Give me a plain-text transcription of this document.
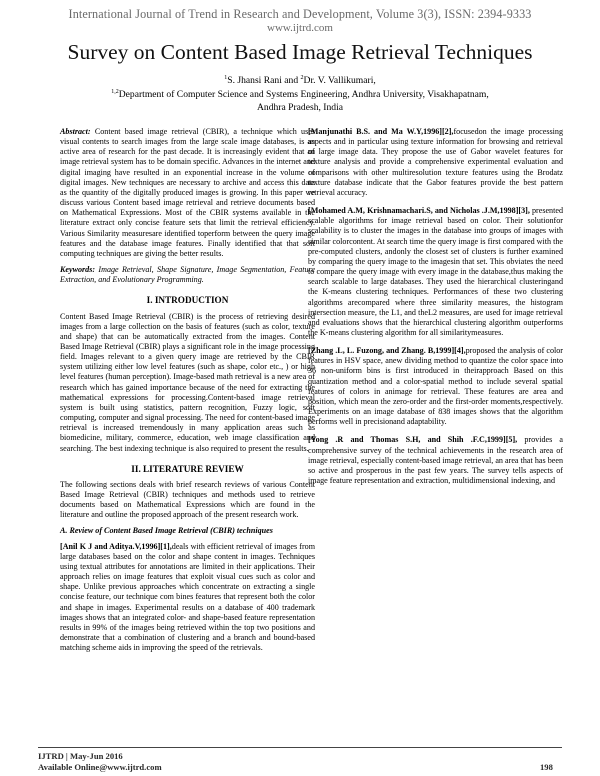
International Journal of Trend in Research and Development, Volume 3(3), ISSN: 2394-9333
www.ijtrd.com
Survey on Content Based Image Retrieval Techniques
$^1$S. Jhansi Rani and $^2$Dr. V. Vallikumari,
$^{1,2}$Department of Computer Science and Systems Engineering, Andhra University, Visakhapatnam,
Andhra Pradesh, India

Abstract: Content based image retrieval (CBIR), a technique which uses visual contents to search images from the large scale image databases, is an active area of research for the past decade. It is increasingly evident that an image retrieval system has to be domain specific. Advances in the internet and digital imaging have resulted in an exponential increase in the volume of digital images. New techniques are necessary to archive and access this data as the quantity of the digitally produced images is growing. In this paper we discuss various Content based image retrieval and retrieve documents based on Mathematical Expressions. Most of the CBIR systems available in the literature extract only concise feature sets that limit the retrieval efficiency. Various Similarity measuresare identified toperform between the query image features and the database image features. Finally identified that that soft computing techniques are giving the better results.

Keywords: Image Retrieval, Shape Signature, Image Segmentation, Feature Extraction, and Evolutionary Programming.

I. INTRODUCTION

Content Based Image Retrieval (CBIR) is the process of retrieving desired images from a large collection on the basis of features (such as color, texture and shape) that can be automatically extracted from the images. Content Based Image Retrieval (CBIR) plays a significant role in the image processing field. Images relevant to a given query image are retrieved by the CBIR system utilizing either low level features (such as shape, color etc., ) or high level features (human perception). Image-based math retrieval is a new area of research which has gained importance because of the need for extracting the mathematical expressions for processing.Content-based image retrieval system is built using statistics, pattern recognition, Fuzzy logic, soft computing, computer and signal processing. The need for content-based image retrieval is increased tremendously in many application areas such as biomedicine, military, commerce, education, web image classification and searching. The best indexing technique is also required to present the results.

II. LITERATURE REVIEW

The following sections deals with brief research reviews of various Content Based Image Retrieval (CBIR) techniques and methods used to retrieve documents based on Mathematical Expressions which are found in the literature and outline the proposed approach of the present research work.

A. Review of Content Based Image Retrieval (CBIR) techniques

[Anil K J and Aditya.V,1996][1],deals with efficient retrieval of images from large databases based on the color and shape content in images. Techniques using textual attributes for annotations are limited in their applications. Their approach relies on image features that exploit visual cues such as color and shape. Unlike previous approaches which concentrate on extracting a single concise feature, our technique com bines features that represent both the color and shape in images. Experimental results on a database of 400 trademark images shows that an integrated color- and shape-based feature representation results in 99% of the images being retrieved within the top two positions and demonstrate that a combination of clustering and a branch and bound-based matching scheme aids in improving the speed of the retrievals.

[Manjunathi B.S. and Ma W.Y,1996][2],focusedon the image processing aspects and in particular using texture information for browsing and retrieval of large image data. They propose the use of Gabor wavelet features for texture analysis and provide a comprehensive experimental evaluation and comparisons with other multiresolution texture features using the Brodatz texture database indicate that the Gabor features provide the best pattern retrieval accuracy.

[Mohamed A.M, Krishnamachari.S, and Nicholas .J.M,1998][3], presented scalable algorithms for image retrieval based on color. Their solutionfor scalability is to cluster the images in the database into groups of images with similar colorcontent. At search time the query image is first compared with the pre-computed clusters, andonly the closest set of clusters is further examined by comparing the query image to the imagesin that set. This obviates the need to compare the query image with every image in the database,thus making the search scalable to large databases. They used the hierarchical clusteringand the K-means clustering techniques. Performances of these two clustering algorithms arecompared where three similarity measures, the histogram intersection measure, the L1, and theL2 measures, are used for image retrieval and evaluations shows that the hierarchical clustering algorithm outperforms the K-means clustering algorithm for all similaritymeasures.

[Zhang .L, L. Fuzong, and Zhang. B,1999][4],proposed the analysis of color features in HSV space, anew dividing method to quantize the color space into 36 non-uniform bins is first introduced in theirapproach Based on this quantization method and a color-spatial method to include several spatial features of colors in animage for retrieval. These features are area and position, which mean the zero-order and the first-order moments,respectively. Experiments on an image database of 838 images shows that the algorithm performs well in precisionand adaptability.

[Yong .R and Thomas S.H, and Shih .F.C,1999][5], provides a comprehensive survey of the technical achievements in the research area of image retrieval, especially content-based image retrieval, an area that has been so active and prosperous in the past few years. The survey tells aspects of image feature representation and extraction, multidimensional indexing, and

IJTRD | May-Jun 2016
Available Online@www.ijtrd.com	198
